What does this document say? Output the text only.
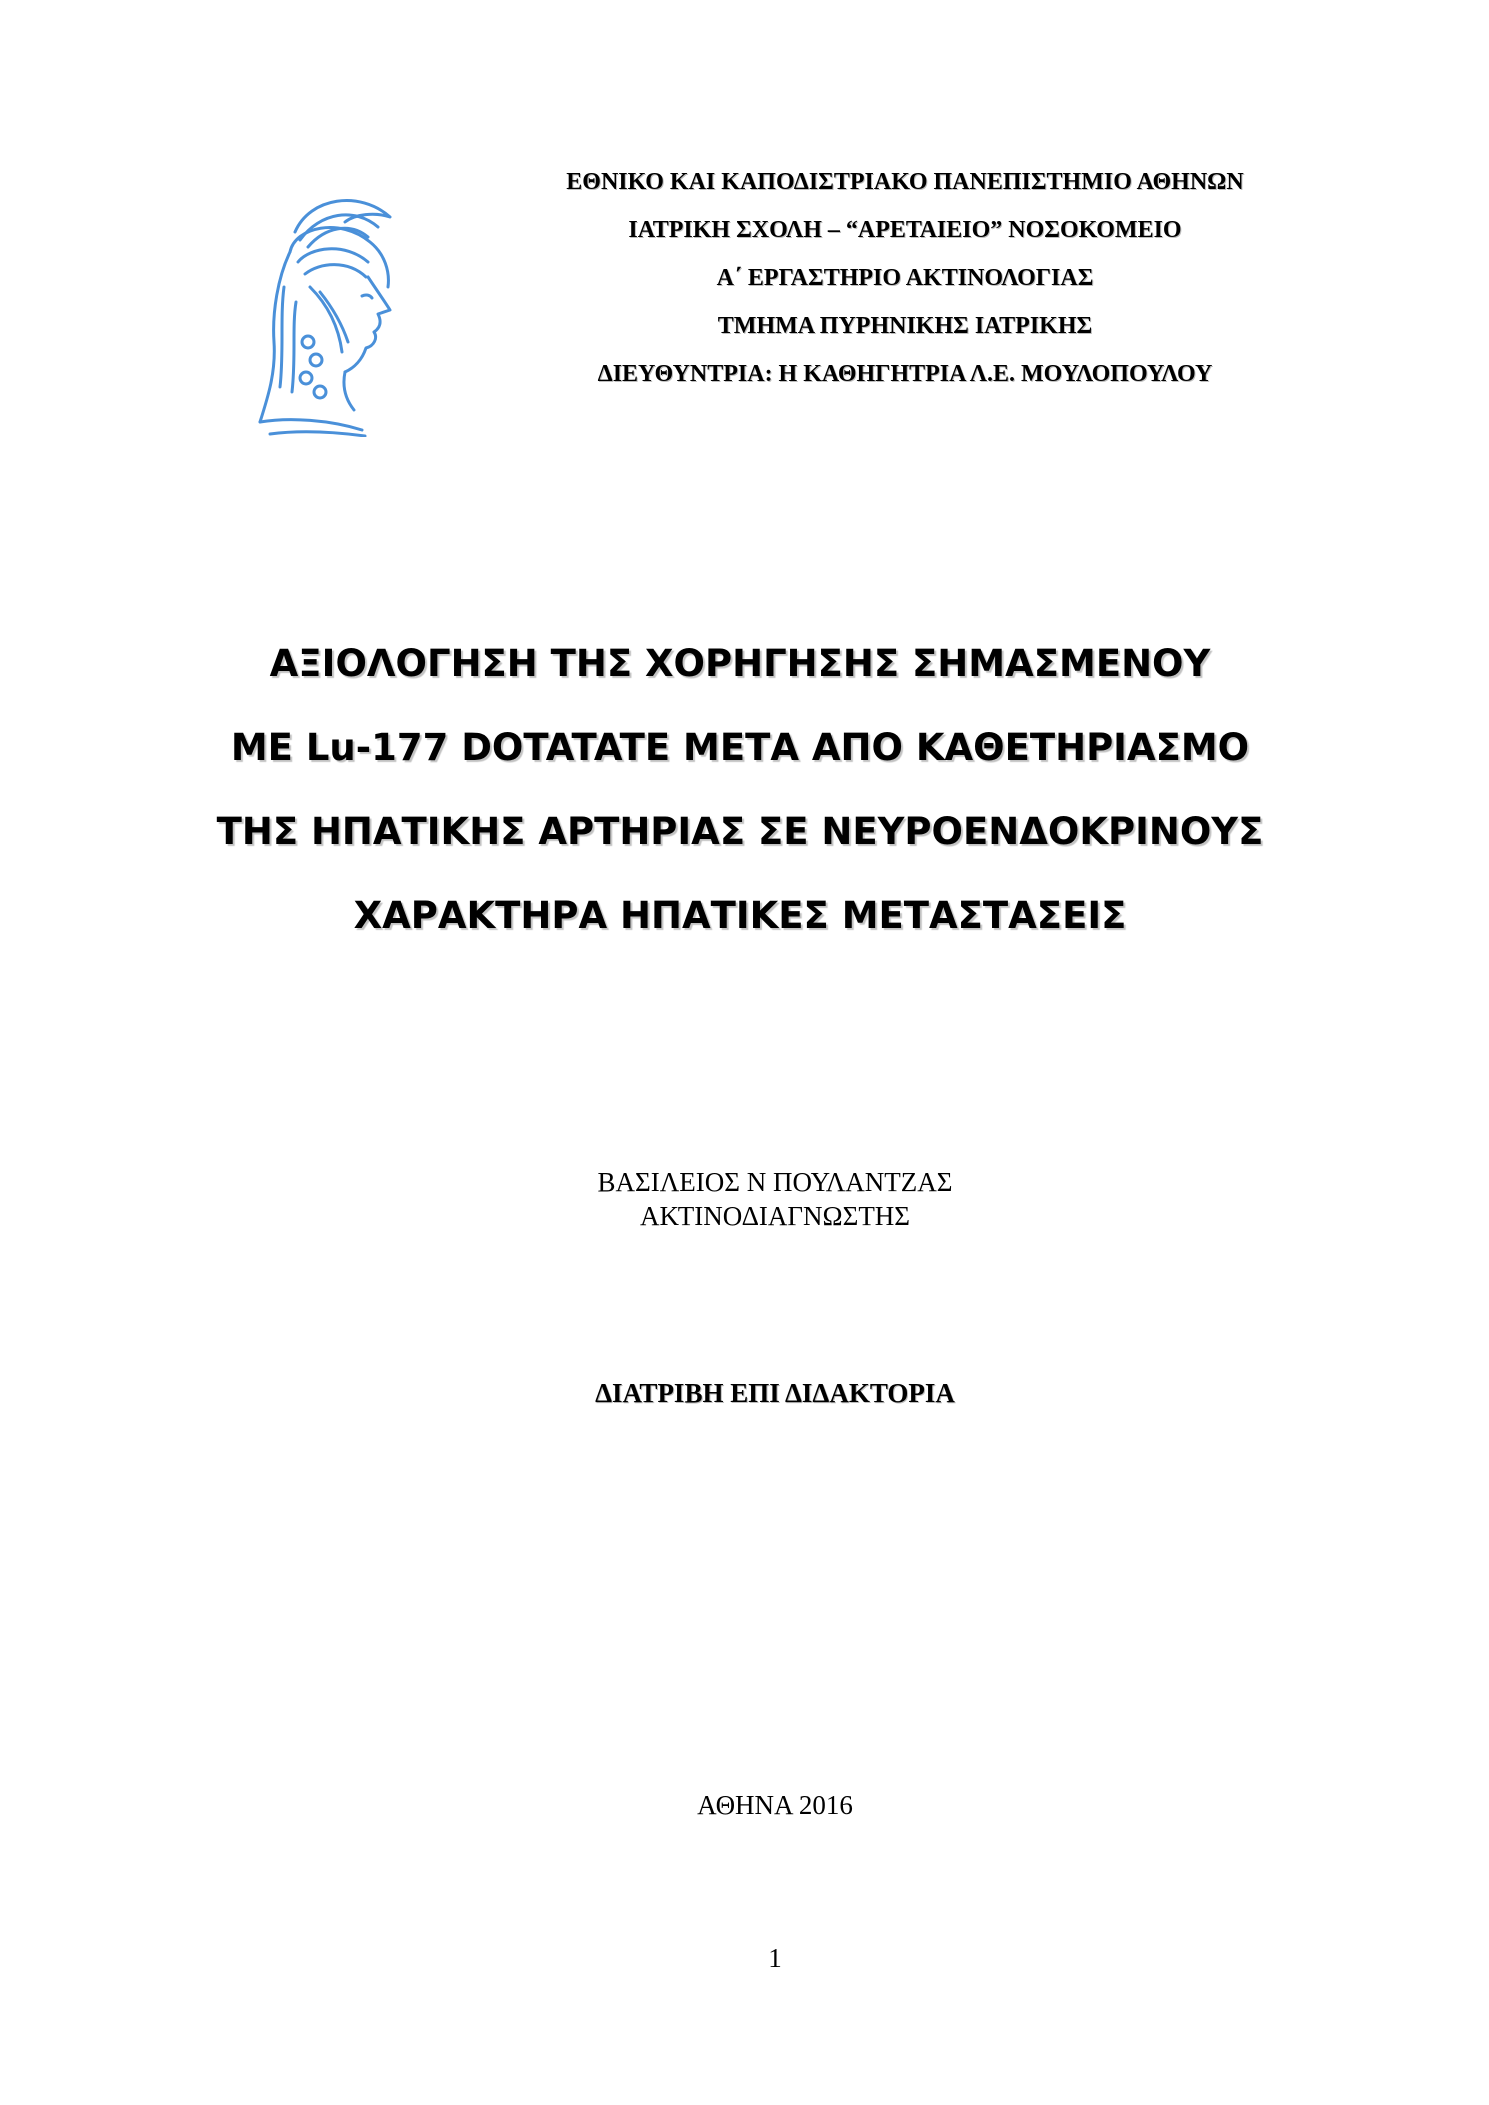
ΕΘΝΙΚΟ ΚΑΙ ΚΑΠΟΔΙΣΤΡΙΑΚΟ ΠΑΝΕΠΙΣΤΗΜΙΟ ΑΘΗΝΩΝ
ΙΑΤΡΙΚΗ ΣΧΟΛΗ – “ΑΡΕΤΑΙΕΙΟ” ΝΟΣΟΚΟΜΕΙΟ
Α΄ ΕΡΓΑΣΤΗΡΙΟ ΑΚΤΙΝΟΛΟΓΙΑΣ
ΤΜΗΜΑ ΠΥΡΗΝΙΚΗΣ ΙΑΤΡΙΚΗΣ
ΔΙΕΥΘΥΝΤΡΙΑ: Η ΚΑΘΗΓΗΤΡΙΑ Λ.Ε. ΜΟΥΛΟΠΟΥΛΟΥ
ΑΞΙΟΛΟΓΗΣΗ ΤΗΣ ΧΟΡΗΓΗΣΗΣ ΣΗΜΑΣΜΕΝΟΥ
ΜΕ Lu-177 DOTATATE ΜΕΤΑ ΑΠΟ ΚΑΘΕΤΗΡΙΑΣΜΟ
ΤΗΣ ΗΠΑΤΙΚΗΣ ΑΡΤΗΡΙΑΣ ΣΕ ΝΕΥΡΟΕΝΔΟΚΡΙΝΟΥΣ
ΧΑΡΑΚΤΗΡΑ ΗΠΑΤΙΚΕΣ ΜΕΤΑΣΤΑΣΕΙΣ
ΒΑΣΙΛΕΙΟΣ Ν ΠΟΥΛΑΝΤΖΑΣ
ΑΚΤΙΝΟΔΙΑΓΝΩΣΤΗΣ
ΔΙΑΤΡΙΒΗ ΕΠΙ ΔΙΔΑΚΤΟΡΙΑ
ΑΘΗΝΑ 2016
1
